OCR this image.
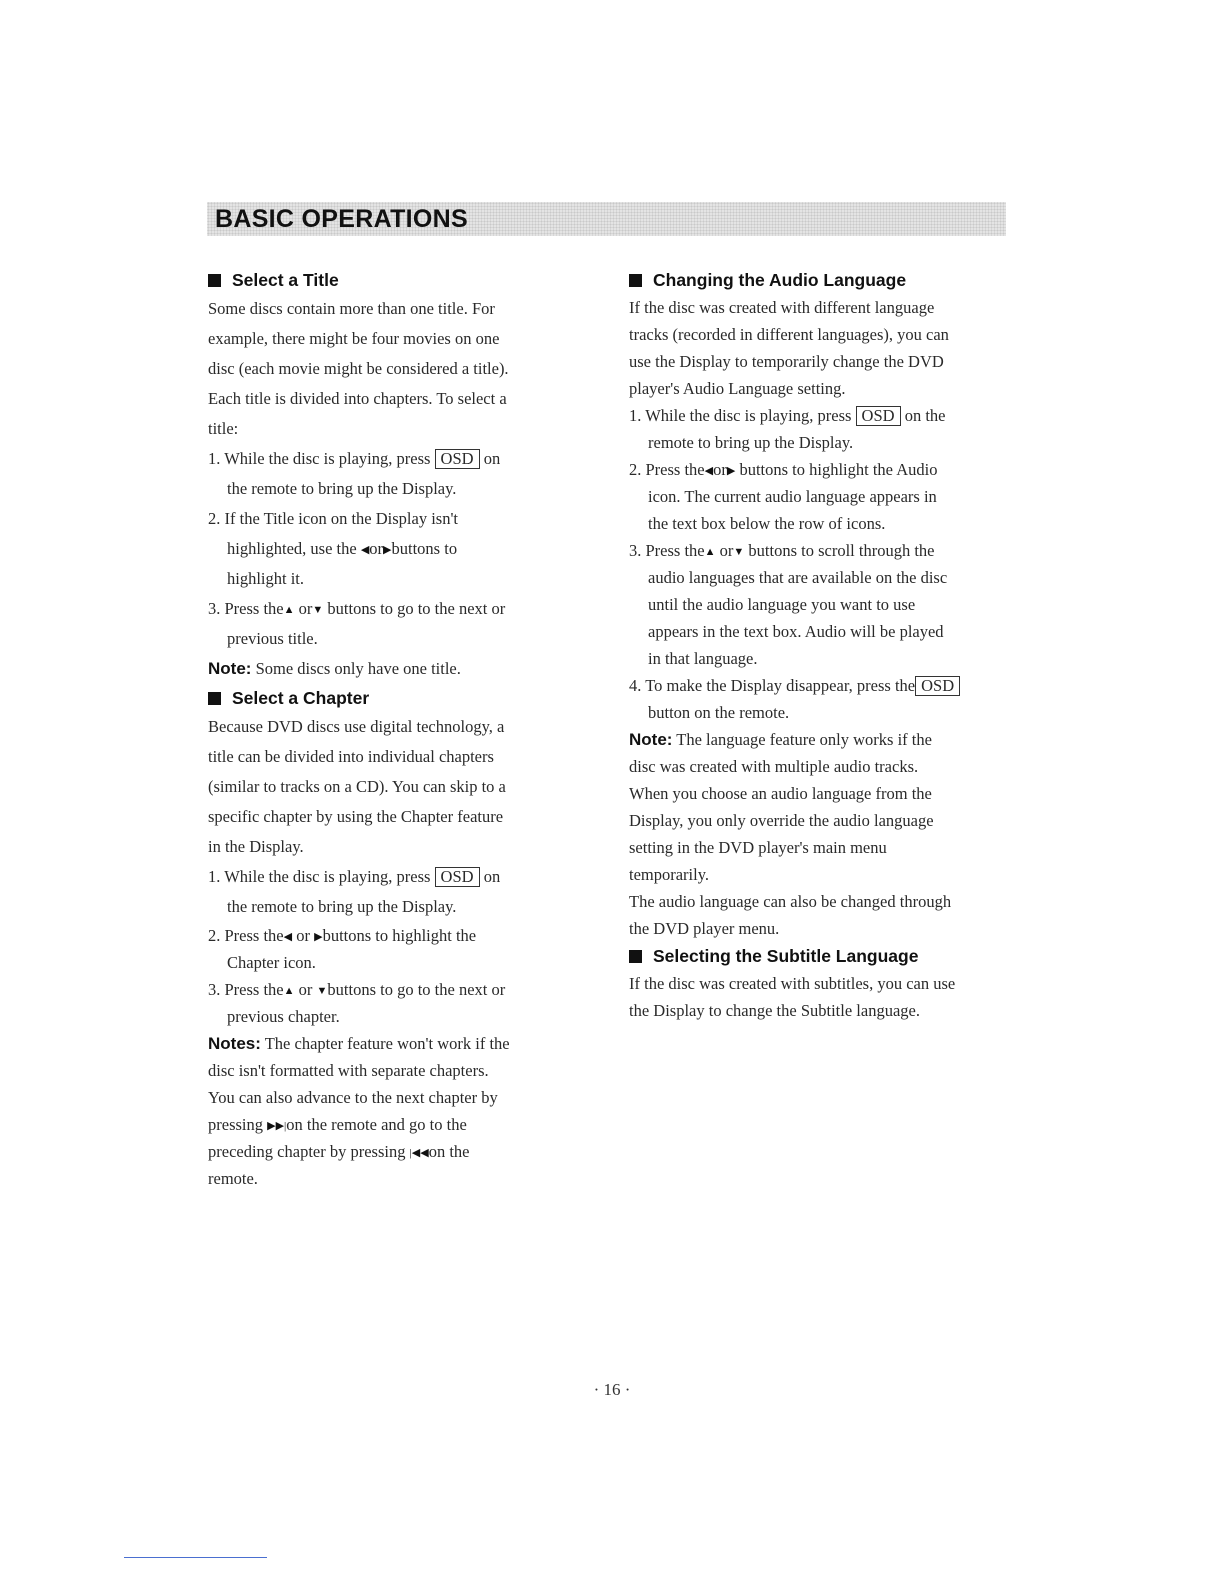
BASIC OPERATIONS
Select a Title
Some discs contain more than one title. For
example, there might be four movies on one
disc (each movie might be considered a title).
Each title is divided into chapters. To select a
title:
1. While the disc is playing, press OSD on
the remote to bring up the Display.
2. If the Title icon on the Display isn't
highlighted, use the ◀or▶buttons to
highlight it.
3. Press the▲ or▼ buttons to go to the next or
previous title.
Note: Some discs only have one title.
Select a Chapter
Because DVD discs use digital technology, a
title can be divided into individual chapters
(similar to tracks on a CD). You can skip to a
specific chapter by using the Chapter feature
in the Display.
1. While the disc is playing, press OSD on
the remote to bring up the Display.
2. Press the◀ or ▶buttons to highlight the
Chapter icon.
3. Press the▲ or ▼buttons to go to the next or
previous chapter.
Notes: The chapter feature won't work if the
disc isn't formatted with separate chapters.
You can also advance to the next chapter by
pressing ▶▶|on the remote and go to the
preceding chapter by pressing |◀◀on the
remote.
Changing the Audio Language
If the disc was created with different language
tracks (recorded in different languages), you can
use the Display to temporarily change the DVD
player's Audio Language setting.
1. While the disc is playing, press OSD on the
remote to bring up the Display.
2. Press the◀or▶ buttons to highlight the Audio
icon. The current audio language appears in
the text box below the row of icons.
3. Press the▲ or▼ buttons to scroll through the
audio languages that are available on the disc
until the audio language you want to use
appears in the text box. Audio will be played
in that language.
4. To make the Display disappear, press the OSD
button on the remote.
Note: The language feature only works if the
disc was created with multiple audio tracks.
When you choose an audio language from the
Display, you only override the audio language
setting in the DVD player's main menu
temporarily.
The audio language can also be changed through
the DVD player menu.
Selecting the Subtitle Language
If the disc was created with subtitles, you can use
the Display to change the Subtitle language.
· 16 ·
